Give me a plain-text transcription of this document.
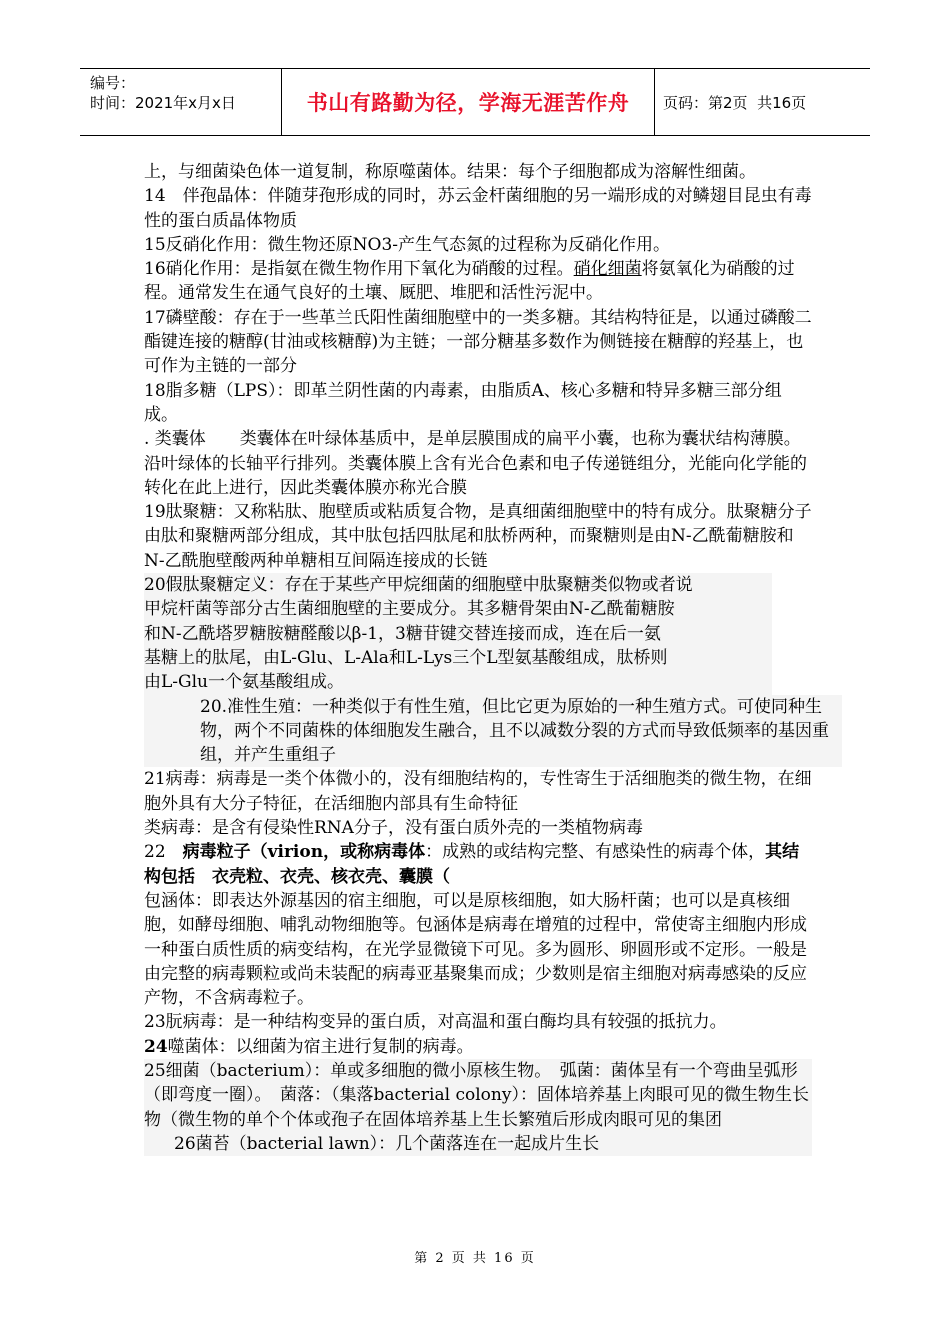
编号：
时间：2021年x月x日	书山有路勤为径，学海无涯苦作舟	页码：第2页  共16页

上，与细菌染色体一道复制，称原噬菌体。结果：每个子细胞都成为溶解性细菌。

14　伴孢晶体：伴随芽孢形成的同时，苏云金杆菌细胞的另一端形成的对鳞翅目昆虫有毒性的蛋白质晶体物质

15反硝化作用：微生物还原NO3-产生气态氮的过程称为反硝化作用。

16硝化作用：是指氨在微生物作用下氧化为硝酸的过程。硝化细菌将氨氧化为硝酸的过程。通常发生在通气良好的土壤、厩肥、堆肥和活性污泥中。

17磷壁酸：存在于一些革兰氏阳性菌细胞壁中的一类多糖。其结构特征是，以通过磷酸二酯键连接的糖醇(甘油或核糖醇)为主链；一部分糖基多数作为侧链接在糖醇的羟基上，也可作为主链的一部分

18脂多糖（LPS）：即革兰阴性菌的内毒素，由脂质A、核心多糖和特异多糖三部分组成。

. 类囊体　　类囊体在叶绿体基质中，是单层膜围成的扁平小囊，也称为囊状结构薄膜。沿叶绿体的长轴平行排列。类囊体膜上含有光合色素和电子传递链组分，光能向化学能的转化在此上进行，因此类囊体膜亦称光合膜

19肽聚糖：又称粘肽、胞壁质或粘质复合物，是真细菌细胞壁中的特有成分。肽聚糖分子由肽和聚糖两部分组成，其中肽包括四肽尾和肽桥两种，而聚糖则是由N-乙酰葡糖胺和N-乙酰胞壁酸两种单糖相互间隔连接成的长链

20假肽聚糖定义：存在于某些产甲烷细菌的细胞壁中肽聚糖类似物或者说
甲烷杆菌等部分古生菌细胞壁的主要成分。其多糖骨架由N-乙酰葡糖胺
和N-乙酰塔罗糖胺糖醛酸以β-1，3糖苷键交替连接而成，连在后一氨
基糖上的肽尾，由L-Glu、L-Ala和L-Lys三个L型氨基酸组成，肽桥则
由L-Glu一个氨基酸组成。

20.准性生殖：一种类似于有性生殖，但比它更为原始的一种生殖方式。可使同种生物，两个不同菌株的体细胞发生融合，且不以减数分裂的方式而导致低频率的基因重组，并产生重组子

21病毒：病毒是一类个体微小的，没有细胞结构的，专性寄生于活细胞类的微生物，在细胞外具有大分子特征，在活细胞内部具有生命特征

类病毒：是含有侵染性RNA分子，没有蛋白质外壳的一类植物病毒

22　病毒粒子（virion，或称病毒体：成熟的或结构完整、有感染性的病毒个体，其结构包括　衣壳粒、衣壳、核衣壳、囊膜（

包涵体：即表达外源基因的宿主细胞，可以是原核细胞，如大肠杆菌；也可以是真核细胞，如酵母细胞、哺乳动物细胞等。包涵体是病毒在增殖的过程中，常使寄主细胞内形成一种蛋白质性质的病变结构，在光学显微镜下可见。多为圆形、卵圆形或不定形。一般是由完整的病毒颗粒或尚未装配的病毒亚基聚集而成；少数则是宿主细胞对病毒感染的反应产物，不含病毒粒子。

23朊病毒：是一种结构变异的蛋白质，对高温和蛋白酶均具有较强的抵抗力。

24噬菌体：以细菌为宿主进行复制的病毒。

25细菌（bacterium）：单或多细胞的微小原核生物。　弧菌：菌体呈有一个弯曲呈弧形（即弯度一圈）。　菌落：（集落bacterial colony）：固体培养基上肉眼可见的微生物生长物（微生物的单个个体或孢子在固体培养基上生长繁殖后形成肉眼可见的集团

26菌苔（bacterial lawn）：几个菌落连在一起成片生长

第 2 页 共 16 页
